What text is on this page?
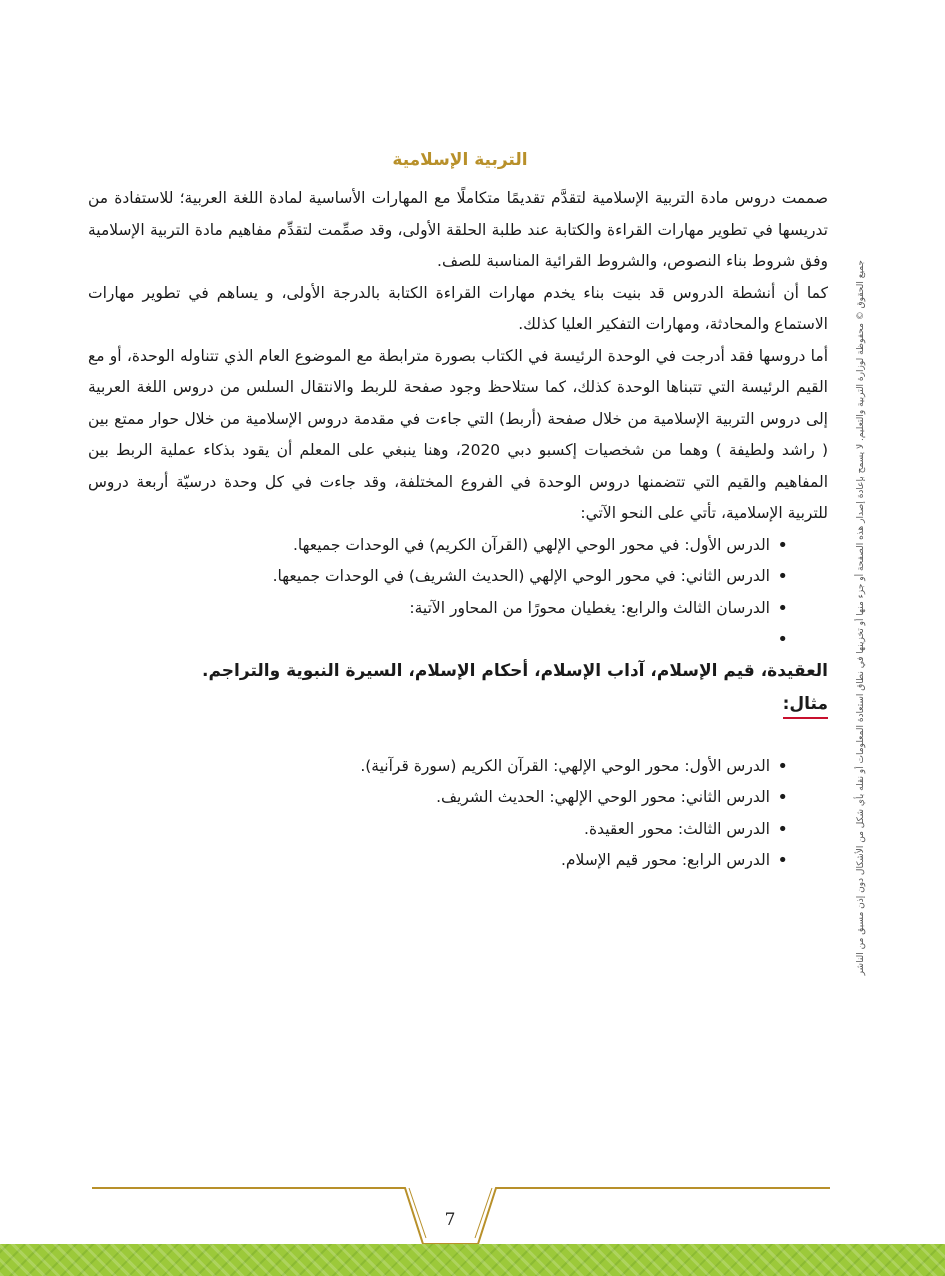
التربية الإسلامية

صممت دروس مادة التربية الإسلامية لتقدَّم تقديمًا متكاملًا مع المهارات الأساسية لمادة اللغة العربية؛ للاستفادة من تدريسها في تطوير مهارات القراءة والكتابة عند طلبة الحلقة الأولى، وقد صمِّمت لتقدِّم مفاهيم مادة التربية الإسلامية وفق شروط بناء النصوص، والشروط القرائية المناسبة للصف.

كما أن أنشطة الدروس قد بنيت بناء يخدم مهارات القراءة الكتابة بالدرجة الأولى، و يساهم في تطوير مهارات الاستماع والمحادثة، ومهارات التفكير العليا كذلك.

أما دروسها فقد أدرجت في الوحدة الرئيسة في الكتاب بصورة مترابطة مع الموضوع العام الذي تتناوله الوحدة، أو مع القيم الرئيسة التي تتبناها الوحدة كذلك، كما ستلاحظ وجود صفحة للربط والانتقال السلس من دروس اللغة العربية إلى دروس التربية الإسلامية من خلال صفحة (أربط) التي جاءت في مقدمة دروس الإسلامية من خلال حوار ممتع بين ( راشد ولطيفة ) وهما من شخصيات إكسبو دبي 2020، وهنا ينبغي على المعلم أن يقود بذكاء عملية الربط بين المفاهيم والقيم التي تتضمنها دروس الوحدة في الفروع المختلفة، وقد جاءت في كل وحدة درسيّة أربعة دروس للتربية الإسلامية، تأتي على النحو الآتي:

• الدرس الأول: في محور الوحي الإلهي (القرآن الكريم) في الوحدات جميعها.
• الدرس الثاني: في محور الوحي الإلهي (الحديث الشريف) في الوحدات جميعها.
• الدرسان الثالث والرابع: يغطيان محورًا من المحاور الآتية:
•

العقيدة، قيم الإسلام، آداب الإسلام، أحكام الإسلام، السيرة النبوية والتراجم.

مثال:

• الدرس الأول: محور الوحي الإلهي: القرآن الكريم (سورة قرآنية).
• الدرس الثاني: محور الوحي الإلهي: الحديث الشريف.
• الدرس الثالث: محور العقيدة.
• الدرس الرابع: محور قيم الإسلام.	جميع الحقوق © محفوظة لوزارة التربية والتعليم. لا يسمح بإعادة إصدار هذه الصفحة أو جزء منها أو تخزينها في نطاق استعادة المعلومات أو نقله بأي شكل من الأشكال دون إذن مسبق من الناشر
7
